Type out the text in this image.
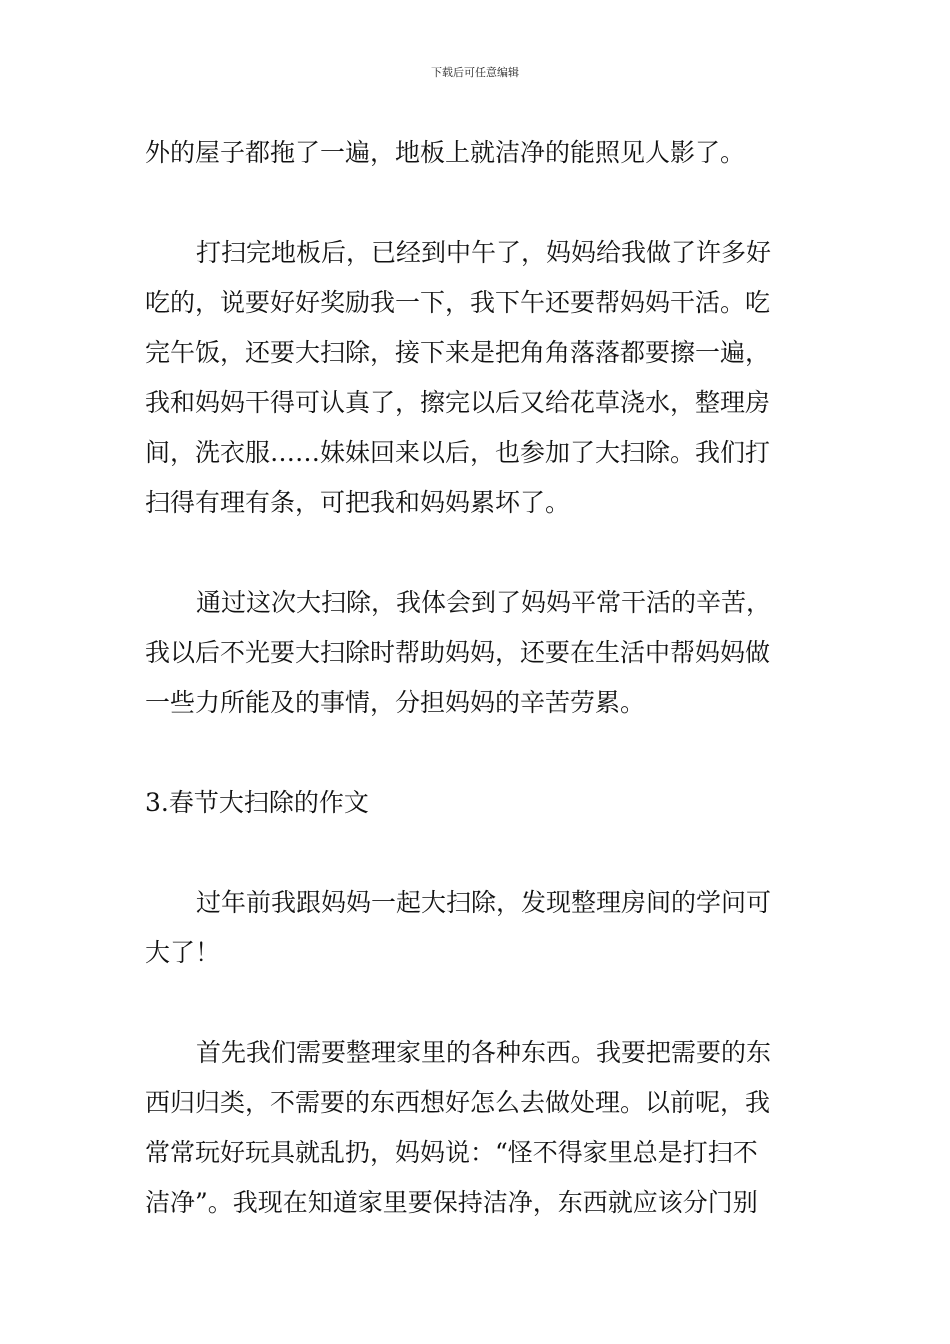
下载后可任意编辑

外的屋子都拖了一遍，地板上就洁净的能照见人影了。

打扫完地板后，已经到中午了，妈妈给我做了许多好

吃的，说要好好奖励我一下，我下午还要帮妈妈干活。吃

完午饭，还要大扫除，接下来是把角角落落都要擦一遍，

我和妈妈干得可认真了，擦完以后又给花草浇水，整理房

间，洗衣服……妹妹回来以后，也参加了大扫除。我们打

扫得有理有条，可把我和妈妈累坏了。

通过这次大扫除，我体会到了妈妈平常干活的辛苦，

我以后不光要大扫除时帮助妈妈，还要在生活中帮妈妈做

一些力所能及的事情，分担妈妈的辛苦劳累。

3.春节大扫除的作文

过年前我跟妈妈一起大扫除，发现整理房间的学问可

大了！

首先我们需要整理家里的各种东西。我要把需要的东

西归归类，不需要的东西想好怎么去做处理。以前呢，我

常常玩好玩具就乱扔，妈妈说：“怪不得家里总是打扫不

洁净”。我现在知道家里要保持洁净，东西就应该分门别
